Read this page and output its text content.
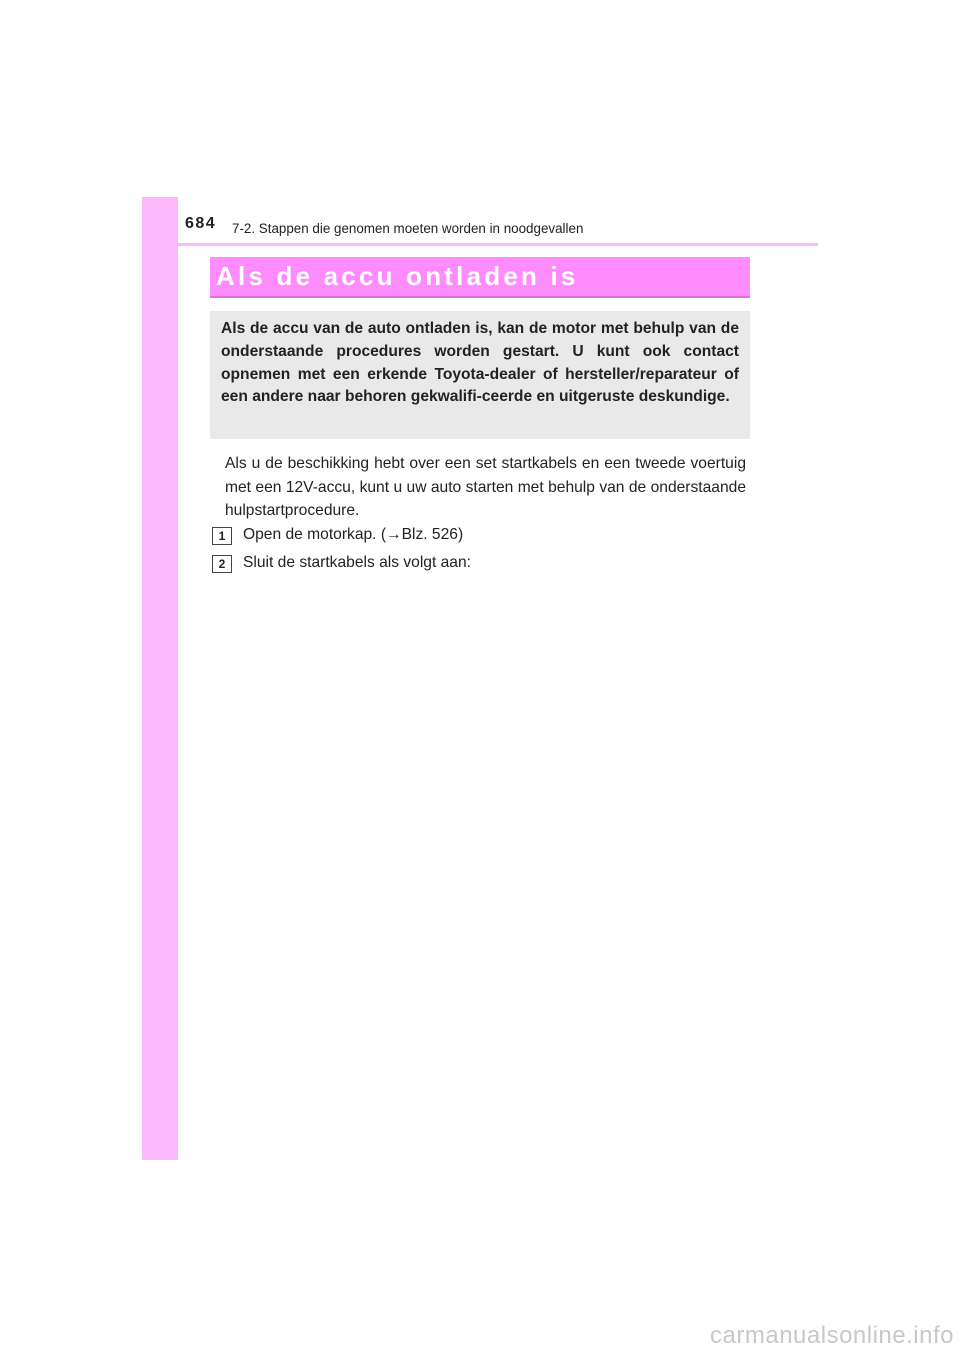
684 7-2. Stappen die genomen moeten worden in noodgevallen
Als de accu ontladen is

Als de accu van de auto ontladen is, kan de motor met behulp van de onderstaande procedures worden gestart. U kunt ook contact opnemen met een erkende Toyota-dealer of hersteller/reparateur of een andere naar behoren gekwalifi-ceerde en uitgeruste deskundige.

Als u de beschikking hebt over een set startkabels en een tweede voertuig met een 12V-accu, kunt u uw auto starten met behulp van de onderstaande hulpstartprocedure.

1	Open de motorkap. (→Blz. 526)
2	Sluit de startkabels als volgt aan:
carmanualsonline.info
